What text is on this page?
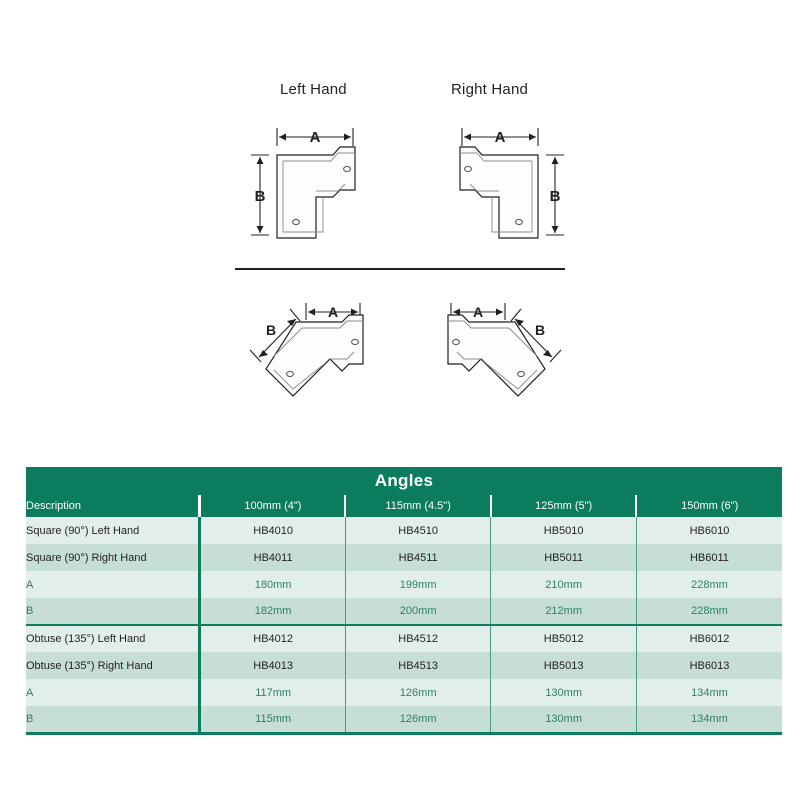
Left Hand	Right Hand
A
B
A
B
A
B
A
B
Angles				
Description	100mm (4")	115mm (4.5")	125mm (5")	150mm (6")
Square (90°) Left Hand	HB4010	HB4510	HB5010	HB6010
Square (90°) Right Hand	HB4011	HB4511	HB5011	HB6011
A	180mm	199mm	210mm	228mm
B	182mm	200mm	212mm	228mm
Obtuse (135°) Left Hand	HB4012	HB4512	HB5012	HB6012
Obtuse (135°) Right Hand	HB4013	HB4513	HB5013	HB6013
A	117mm	126mm	130mm	134mm
B	115mm	126mm	130mm	134mm
